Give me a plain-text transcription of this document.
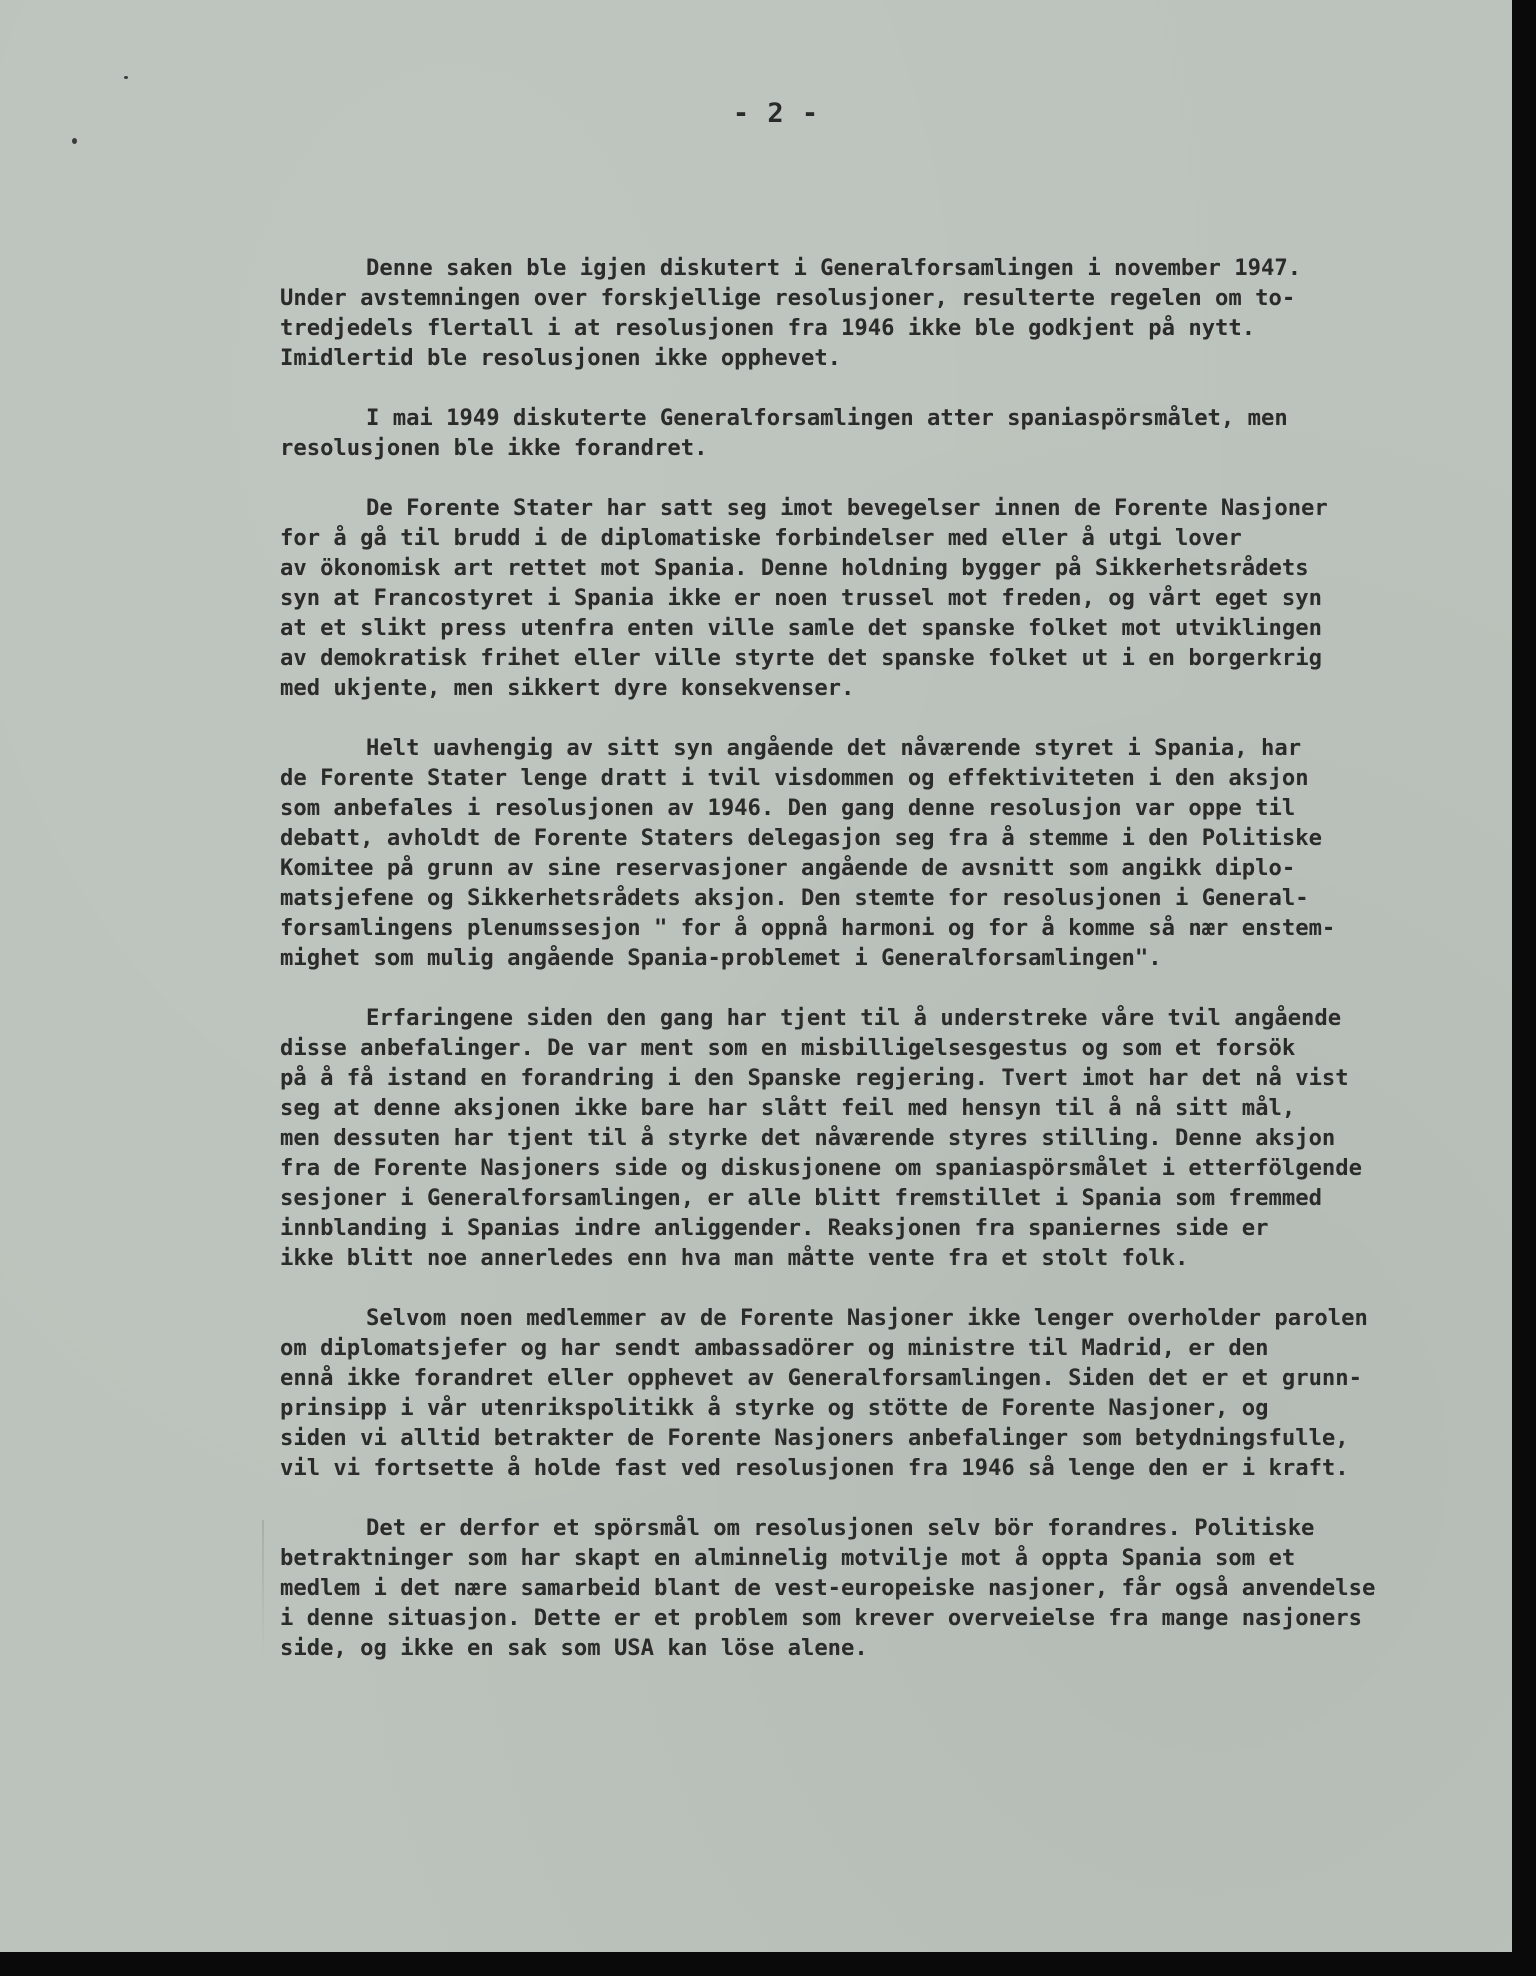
- 2 -
Denne saken ble igjen diskutert i Generalforsamlingen i november 1947.
Under avstemningen over forskjellige resolusjoner, resulterte regelen om to-
tredjedels flertall i at resolusjonen fra 1946 ikke ble godkjent på nytt.
Imidlertid ble resolusjonen ikke opphevet.
I mai 1949 diskuterte Generalforsamlingen atter spaniaspörsmålet, men
resolusjonen ble ikke forandret.
De Forente Stater har satt seg imot bevegelser innen de Forente Nasjoner
for å gå til brudd i de diplomatiske forbindelser med eller å utgi lover
av ökonomisk art rettet mot Spania. Denne holdning bygger på Sikkerhetsrådets
syn at Francostyret i Spania ikke er noen trussel mot freden, og vårt eget syn
at et slikt press utenfra enten ville samle det spanske folket mot utviklingen
av demokratisk frihet eller ville styrte det spanske folket ut i en borgerkrig
med ukjente, men sikkert dyre konsekvenser.
Helt uavhengig av sitt syn angående det nåværende styret i Spania, har
de Forente Stater lenge dratt i tvil visdommen og effektiviteten i den aksjon
som anbefales i resolusjonen av 1946. Den gang denne resolusjon var oppe til
debatt, avholdt de Forente Staters delegasjon seg fra å stemme i den Politiske
Komitee på grunn av sine reservasjoner angående de avsnitt som angikk diplo-
matsjefene og Sikkerhetsrådets aksjon. Den stemte for resolusjonen i General-
forsamlingens plenumssesjon " for å oppnå harmoni og for å komme så nær enstem-
mighet som mulig angående Spania-problemet i Generalforsamlingen".
Erfaringene siden den gang har tjent til å understreke våre tvil angående
disse anbefalinger. De var ment som en misbilligelsesgestus og som et forsök
på å få istand en forandring i den Spanske regjering. Tvert imot har det nå vist
seg at denne aksjonen ikke bare har slått feil med hensyn til å nå sitt mål,
men dessuten har tjent til å styrke det nåværende styres stilling. Denne aksjon
fra de Forente Nasjoners side og diskusjonene om spaniaspörsmålet i etterfölgende
sesjoner i Generalforsamlingen, er alle blitt fremstillet i Spania som fremmed
innblanding i Spanias indre anliggender. Reaksjonen fra spaniernes side er
ikke blitt noe annerledes enn hva man måtte vente fra et stolt folk.
Selvom noen medlemmer av de Forente Nasjoner ikke lenger overholder parolen
om diplomatsjefer og har sendt ambassadörer og ministre til Madrid, er den
ennå ikke forandret eller opphevet av Generalforsamlingen. Siden det er et grunn-
prinsipp i vår utenrikspolitikk å styrke og stötte de Forente Nasjoner, og
siden vi alltid betrakter de Forente Nasjoners anbefalinger som betydningsfulle,
vil vi fortsette å holde fast ved resolusjonen fra 1946 så lenge den er i kraft.
Det er derfor et spörsmål om resolusjonen selv bör forandres. Politiske
betraktninger som har skapt en alminnelig motvilje mot å oppta Spania som et
medlem i det nære samarbeid blant de vest-europeiske nasjoner, får også anvendelse
i denne situasjon. Dette er et problem som krever overveielse fra mange nasjoners
side, og ikke en sak som USA kan löse alene.
